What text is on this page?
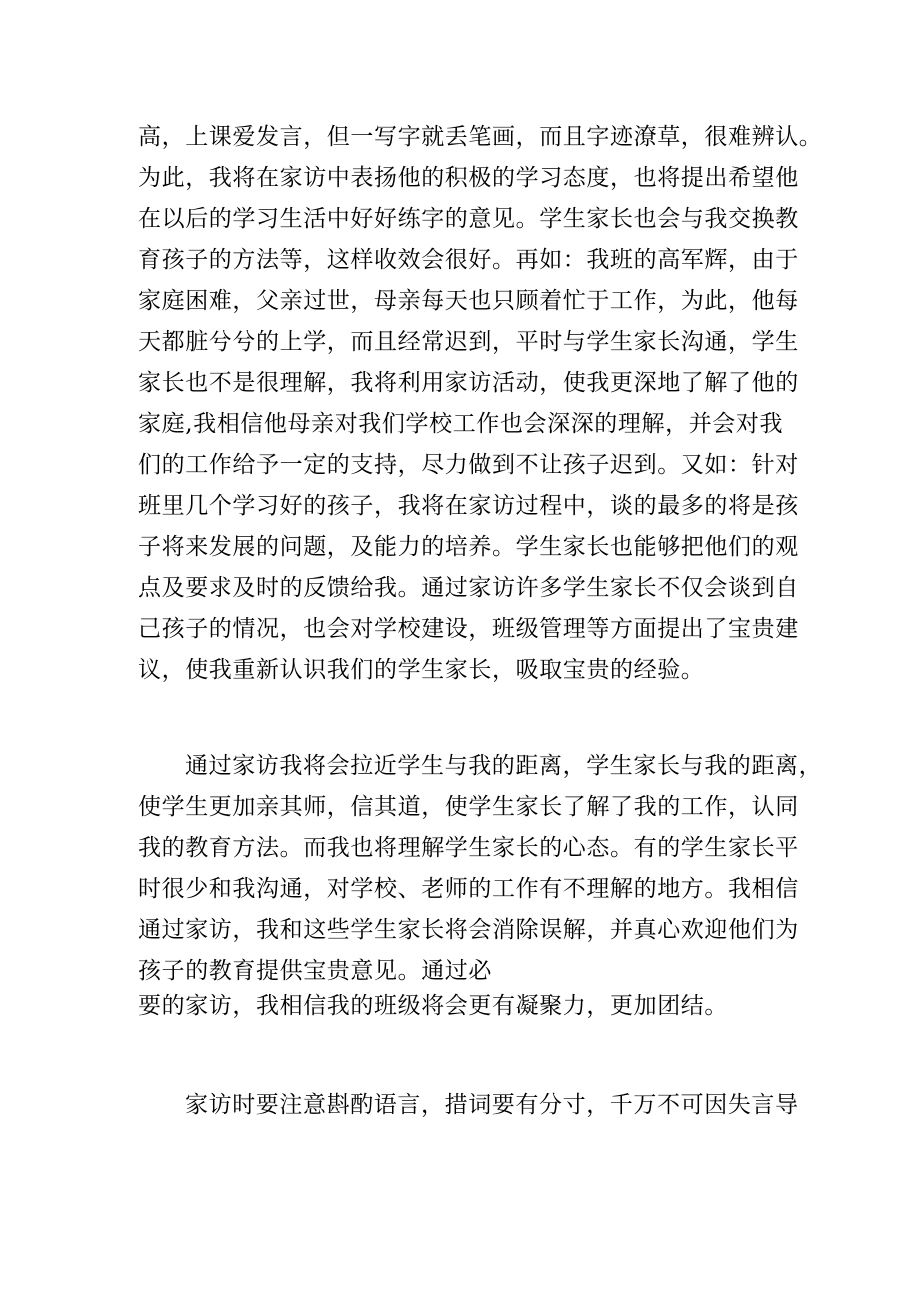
高，上课爱发言，但一写字就丢笔画，而且字迹潦草，很难辨认。
为此，我将在家访中表扬他的积极的学习态度，也将提出希望他
在以后的学习生活中好好练字的意见。学生家长也会与我交换教
育孩子的方法等，这样收效会很好。再如：我班的高军辉，由于
家庭困难，父亲过世，母亲每天也只顾着忙于工作，为此，他每
天都脏兮兮的上学，而且经常迟到，平时与学生家长沟通，学生
家长也不是很理解，我将利用家访活动，使我更深地了解了他的
家庭,我相信他母亲对我们学校工作也会深深的理解，并会对我
们的工作给予一定的支持，尽力做到不让孩子迟到。又如：针对
班里几个学习好的孩子，我将在家访过程中，谈的最多的将是孩
子将来发展的问题，及能力的培养。学生家长也能够把他们的观
点及要求及时的反馈给我。通过家访许多学生家长不仅会谈到自
己孩子的情况，也会对学校建设，班级管理等方面提出了宝贵建
议，使我重新认识我们的学生家长，吸取宝贵的经验。
通过家访我将会拉近学生与我的距离，学生家长与我的距离，
使学生更加亲其师，信其道，使学生家长了解了我的工作，认同
我的教育方法。而我也将理解学生家长的心态。有的学生家长平
时很少和我沟通，对学校、老师的工作有不理解的地方。我相信
通过家访，我和这些学生家长将会消除误解，并真心欢迎他们为
孩子的教育提供宝贵意见。通过必
要的家访，我相信我的班级将会更有凝聚力，更加团结。
家访时要注意斟酌语言，措词要有分寸，千万不可因失言导
